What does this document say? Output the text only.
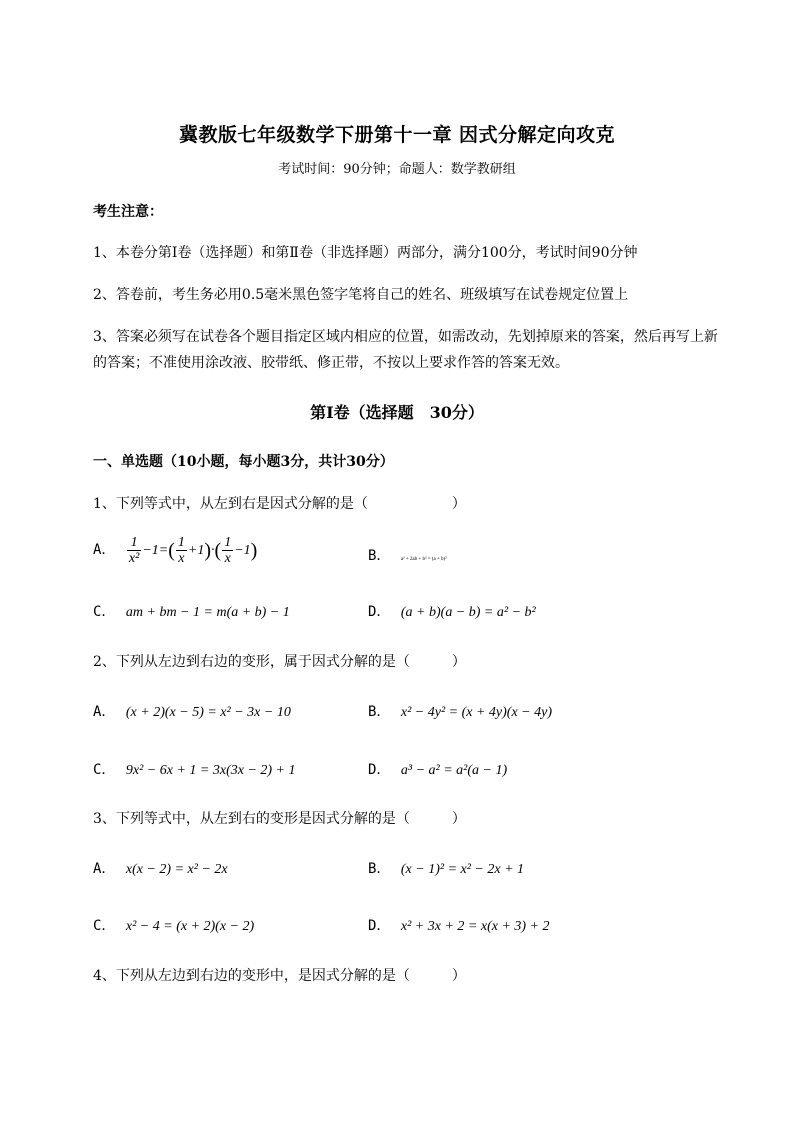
冀教版七年级数学下册第十一章 因式分解定向攻克
考试时间：90分钟；命题人：数学教研组
考生注意：
1、本卷分第I卷（选择题）和第Ⅱ卷（非选择题）两部分，满分100分，考试时间90分钟
2、答卷前，考生务必用0.5毫米黑色签字笔将自己的姓名、班级填写在试卷规定位置上
3、答案必须写在试卷各个题目指定区域内相应的位置，如需改动，先划掉原来的答案，然后再写上新
的答案；不准使用涂改液、胶带纸、修正带，不按以上要求作答的答案无效。
第I卷（选择题　30分）
一、单选题（10小题，每小题3分，共计30分）
1、下列等式中，从左到右是因式分解的是（　　　　　　）
A． $\frac{1}{\text{x²}} -1=( \frac{1}{x} +1)\cdot( \frac{1}{x} -1)$	B． a² + 2ab + b² = (a + b)²
C． am + bm − 1 = m(a + b) − 1	D． (a + b)(a − b) = a² − b²
2、下列从左边到右边的变形，属于因式分解的是（　　　）
A． (x + 2)(x − 5) = x² − 3x − 10	B． x² − 4y² = (x + 4y)(x − 4y)
C． 9x² − 6x + 1 = 3x(3x − 2) + 1	D． a³ − a² = a²(a − 1)
3、下列等式中，从左到右的变形是因式分解的是（　　　）
A． x(x − 2) = x² − 2x	B． (x − 1)² = x² − 2x + 1
C． x² − 4 = (x + 2)(x − 2)	D． x² + 3x + 2 = x(x + 3) + 2
4、下列从左边到右边的变形中，是因式分解的是（　　　）
